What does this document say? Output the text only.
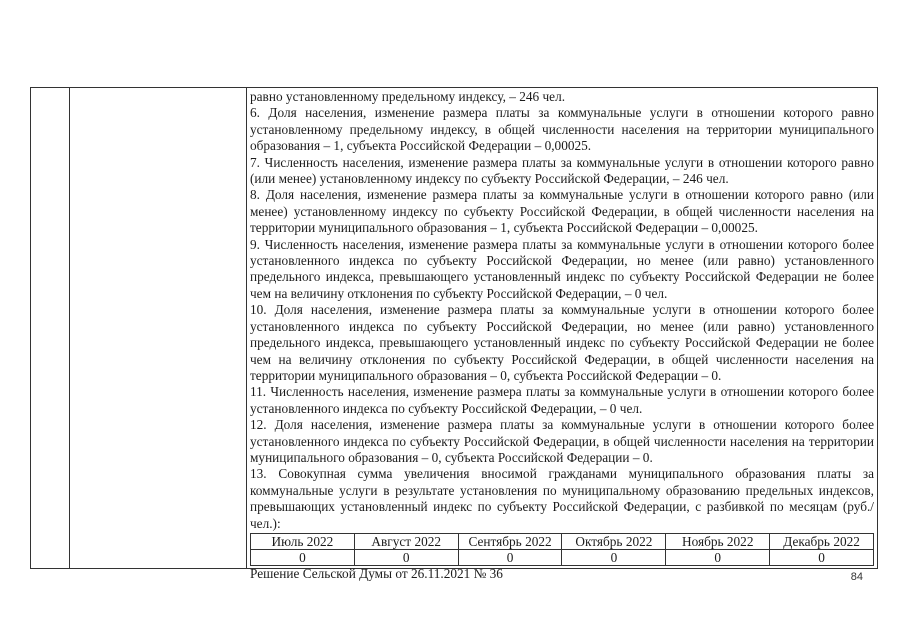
равно установленному предельному индексу, – 246 чел.

6. Доля населения, изменение размера платы за коммунальные услуги в отношении которого равно установленному предельному индексу, в общей численности населения на территории муниципального образования – 1, субъекта Российской Федерации – 0,00025.

7. Численность населения, изменение размера платы за коммунальные услуги в отношении которого равно (или менее) установленному индексу по субъекту Российской Федерации, – 246 чел.

8. Доля населения, изменение размера платы за коммунальные услуги в отношении которого равно (или менее) установленному индексу по субъекту Российской Федерации, в общей численности населения на территории муниципального образования – 1, субъекта Российской Федерации – 0,00025.

9. Численность населения, изменение размера платы за коммунальные услуги в отношении которого более установленного индекса по субъекту Российской Федерации, но менее (или равно) установленного предельного индекса, превышающего установленный индекс по субъекту Российской Федерации не более чем на величину отклонения по субъекту Российской Федерации, – 0 чел.

10. Доля населения, изменение размера платы за коммунальные услуги в отношении которого более установленного индекса по субъекту Российской Федерации, но менее (или равно) установленного предельного индекса, превышающего установленный индекс по субъекту Российской Федерации не более чем на величину отклонения по субъекту Российской Федерации, в общей численности населения на территории муниципального образования – 0, субъекта Российской Федерации – 0.

11. Численность населения, изменение размера платы за коммунальные услуги в отношении которого более установленного индекса по субъекту Российской Федерации, – 0 чел.

12. Доля населения, изменение размера платы за коммунальные услуги в отношении которого более установленного индекса по субъекту Российской Федерации, в общей численности населения на территории муниципального образования – 0, субъекта Российской Федерации – 0.

13. Совокупная сумма увеличения вносимой гражданами муниципального образования платы за коммунальные услуги в результате установления по муниципальному образованию предельных индексов, превышающих установленный индекс по субъекту Российской Федерации, с разбивкой по месяцам (руб./чел.):

Июль 2022	Август 2022	Сентябрь 2022	Октябрь 2022	Ноябрь 2022	Декабрь 2022
0	0	0	0	0	0

Решение Сельской Думы от 26.11.2021 № 36	84
